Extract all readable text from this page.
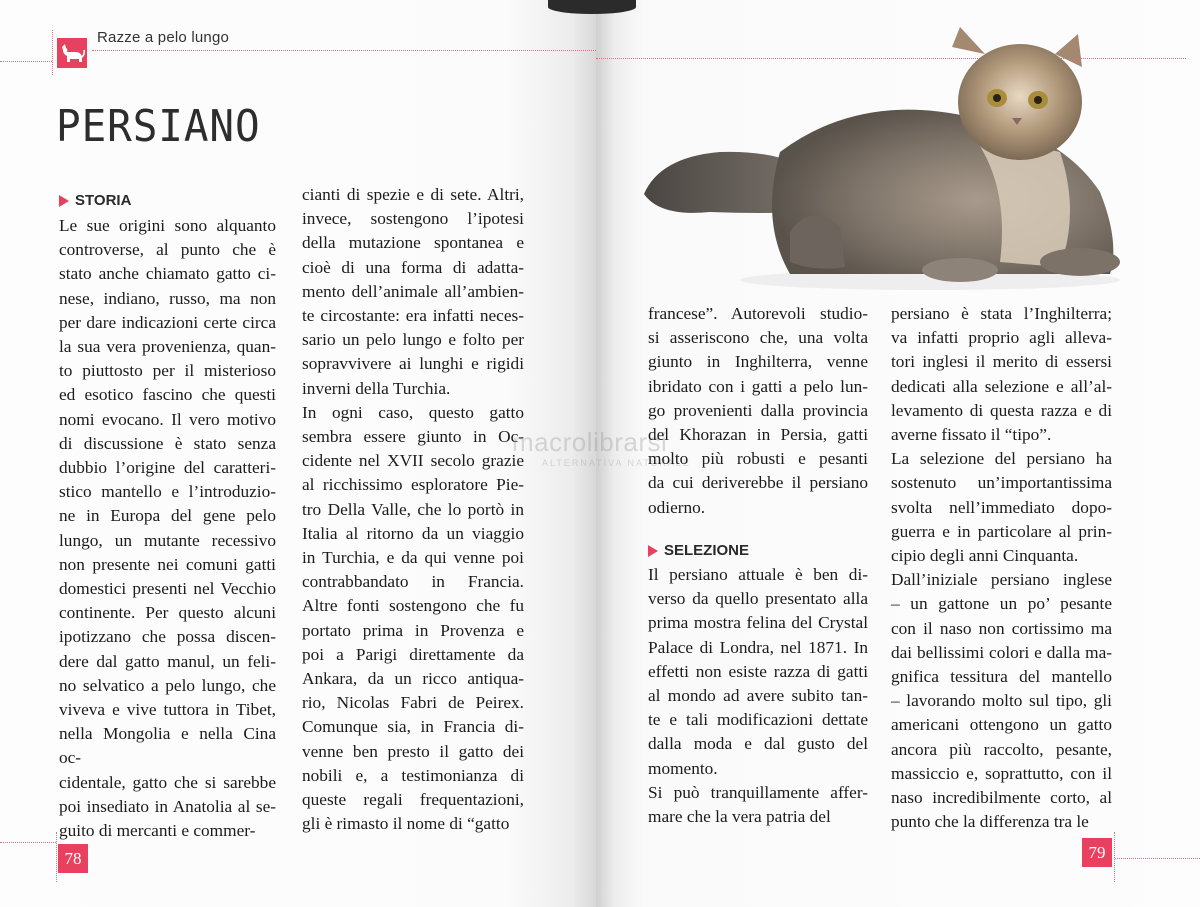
Razze a pelo lungo
PERSIANO
STORIA

Le sue origini sono alquanto

controverse, al punto che è

stato anche chiamato gatto ci-

nese, indiano, russo, ma non

per dare indicazioni certe circa

la sua vera provenienza, quan-

to piuttosto per il misterioso

ed esotico fascino che questi

nomi evocano. Il vero motivo

di discussione è stato senza

dubbio l’origine del caratteri-

stico mantello e l’introduzio-

ne in Europa del gene pelo

lungo, un mutante recessivo

non presente nei comuni gatti

domestici presenti nel Vecchio

continente. Per questo alcuni

ipotizzano che possa discen-

dere dal gatto manul, un feli-

no selvatico a pelo lungo, che

viveva e vive tuttora in Tibet,

nella Mongolia e nella Cina oc-

cidentale, gatto che si sarebbe

poi insediato in Anatolia al se-

guito di mercanti e commer-

cianti di spezie e di sete. Altri,

invece, sostengono l’ipotesi

della mutazione spontanea e

cioè di una forma di adatta-

mento dell’animale all’ambien-

te circostante: era infatti neces-

sario un pelo lungo e folto per

sopravvivere ai lunghi e rigidi

inverni della Turchia.

In ogni caso, questo gatto

sembra essere giunto in Oc-

cidente nel XVII secolo grazie

al ricchissimo esploratore Pie-

tro Della Valle, che lo portò in

Italia al ritorno da un viaggio

in Turchia, e da qui venne poi

contrabbandato in Francia.

Altre fonti sostengono che fu

portato prima in Provenza e

poi a Parigi direttamente da

Ankara, da un ricco antiqua-

rio, Nicolas Fabri de Peirex.

Comunque sia, in Francia di-

venne ben presto il gatto dei

nobili e, a testimonianza di

queste regali frequentazioni,

gli è rimasto il nome di “gatto

78
macrolibrarsi
ALTERNATIVA NATURALE

francese”. Autorevoli studio-

si asseriscono che, una volta

giunto in Inghilterra, venne

ibridato con i gatti a pelo lun-

go provenienti dalla provincia

del Khorazan in Persia, gatti

molto più robusti e pesanti

da cui deriverebbe il persiano

odierno.

SELEZIONE

Il persiano attuale è ben di-

verso da quello presentato alla

prima mostra felina del Crystal

Palace di Londra, nel 1871. In

effetti non esiste razza di gatti

al mondo ad avere subito tan-

te e tali modificazioni dettate

dalla moda e dal gusto del

momento.

Si può tranquillamente affer-

mare che la vera patria del

persiano è stata l’Inghilterra;

va infatti proprio agli alleva-

tori inglesi il merito di essersi

dedicati alla selezione e all’al-

levamento di questa razza e di

averne fissato il “tipo”.

La selezione del persiano ha

sostenuto un’importantissima

svolta nell’immediato dopo-

guerra e in particolare al prin-

cipio degli anni Cinquanta.

Dall’iniziale persiano inglese

– un gattone un po’ pesante

con il naso non cortissimo ma

dai bellissimi colori e dalla ma-

gnifica tessitura del mantello

– lavorando molto sul tipo, gli

americani ottengono un gatto

ancora più raccolto, pesante,

massiccio e, soprattutto, con il

naso incredibilmente corto, al

punto che la differenza tra le

79
